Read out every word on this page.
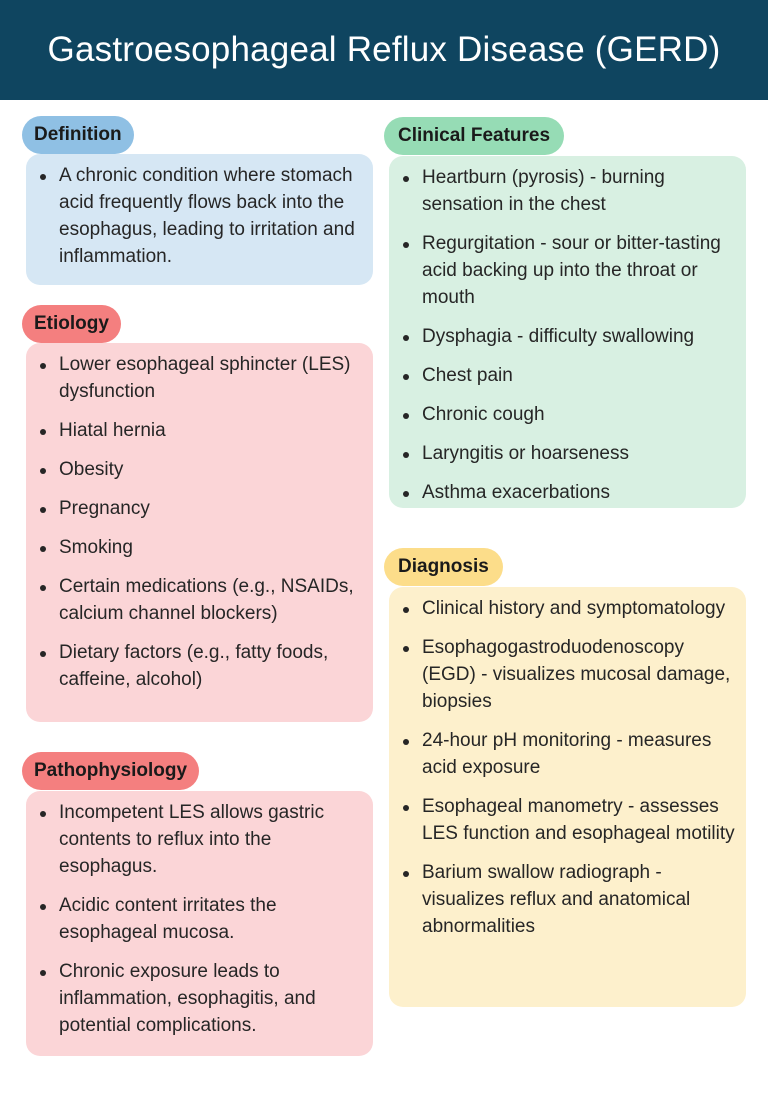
Gastroesophageal Reflux Disease (GERD)
A chronic condition where stomach acid frequently flows back into the esophagus, leading to irritation and inflammation.
Definition
Lower esophageal sphincter (LES) dysfunction
Hiatal hernia
Obesity
Pregnancy
Smoking
Certain medications (e.g., NSAIDs, calcium channel blockers)
Dietary factors (e.g., fatty foods, caffeine, alcohol)
Etiology
Incompetent LES allows gastric contents to reflux into the esophagus.
Acidic content irritates the esophageal mucosa.
Chronic exposure leads to inflammation, esophagitis, and potential complications.
Pathophysiology
Heartburn (pyrosis) - burning sensation in the chest
Regurgitation - sour or bitter-tasting acid backing up into the throat or mouth
Dysphagia - difficulty swallowing
Chest pain
Chronic cough
Laryngitis or hoarseness
Asthma exacerbations
Clinical Features
Clinical history and symptomatology
Esophagogastroduodenoscopy (EGD) - visualizes mucosal damage, biopsies
24-hour pH monitoring - measures acid exposure
Esophageal manometry - assesses LES function and esophageal motility
Barium swallow radiograph - visualizes reflux and anatomical abnormalities
Diagnosis
